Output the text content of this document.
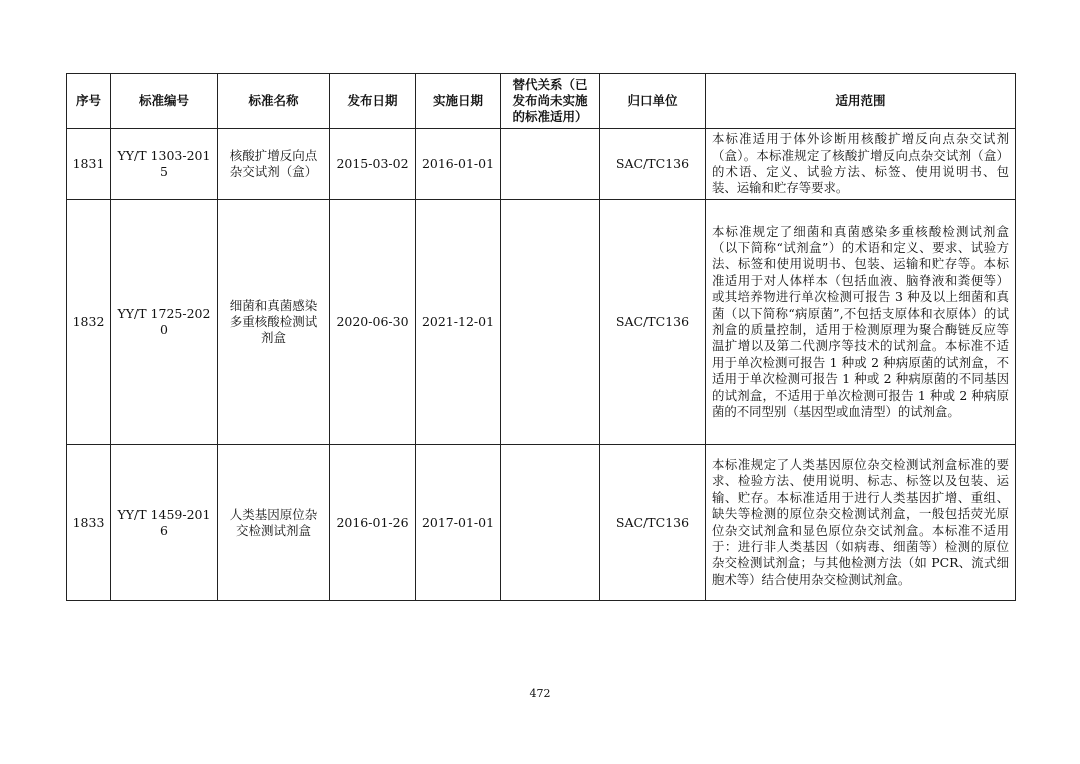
序号	标准编号	标准名称	发布日期	实施日期	替代关系（已发布尚未实施的标准适用）	归口单位	适用范围
1831	YY/T 1303-2015	核酸扩增反向点杂交试剂（盒）	2015-03-02	2016-01-01		SAC/TC136	本标准适用于体外诊断用核酸扩增反向点杂交试剂（盒）。本标准规定了核酸扩增反向点杂交试剂（盒）的术语、定义、试验方法、标签、使用说明书、包装、运输和贮存等要求。
1832	YY/T 1725-2020	细菌和真菌感染多重核酸检测试剂盒	2020-06-30	2021-12-01		SAC/TC136	本标准规定了细菌和真菌感染多重核酸检测试剂盒（以下简称“试剂盒”）的术语和定义、要求、试验方法、标签和使用说明书、包装、运输和贮存等。本标准适用于对人体样本（包括血液、脑脊液和粪便等）或其培养物进行单次检测可报告 3 种及以上细菌和真菌（以下简称“病原菌”,不包括支原体和衣原体）的试剂盒的质量控制，适用于检测原理为聚合酶链反应等温扩增以及第二代测序等技术的试剂盒。本标准不适用于单次检测可报告 1 种或 2 种病原菌的试剂盒，不适用于单次检测可报告 1 种或 2 种病原菌的不同基因的试剂盒，不适用于单次检测可报告 1 种或 2 种病原菌的不同型别（基因型或血清型）的试剂盒。
1833	YY/T 1459-2016	人类基因原位杂交检测试剂盒	2016-01-26	2017-01-01		SAC/TC136	本标准规定了人类基因原位杂交检测试剂盒标准的要求、检验方法、使用说明、标志、标签以及包装、运输、贮存。本标准适用于进行人类基因扩增、重组、缺失等检测的原位杂交检测试剂盒，一般包括荧光原位杂交试剂盒和显色原位杂交试剂盒。本标准不适用于：进行非人类基因（如病毒、细菌等）检测的原位杂交检测试剂盒；与其他检测方法（如 PCR、流式细胞术等）结合使用杂交检测试剂盒。
472
